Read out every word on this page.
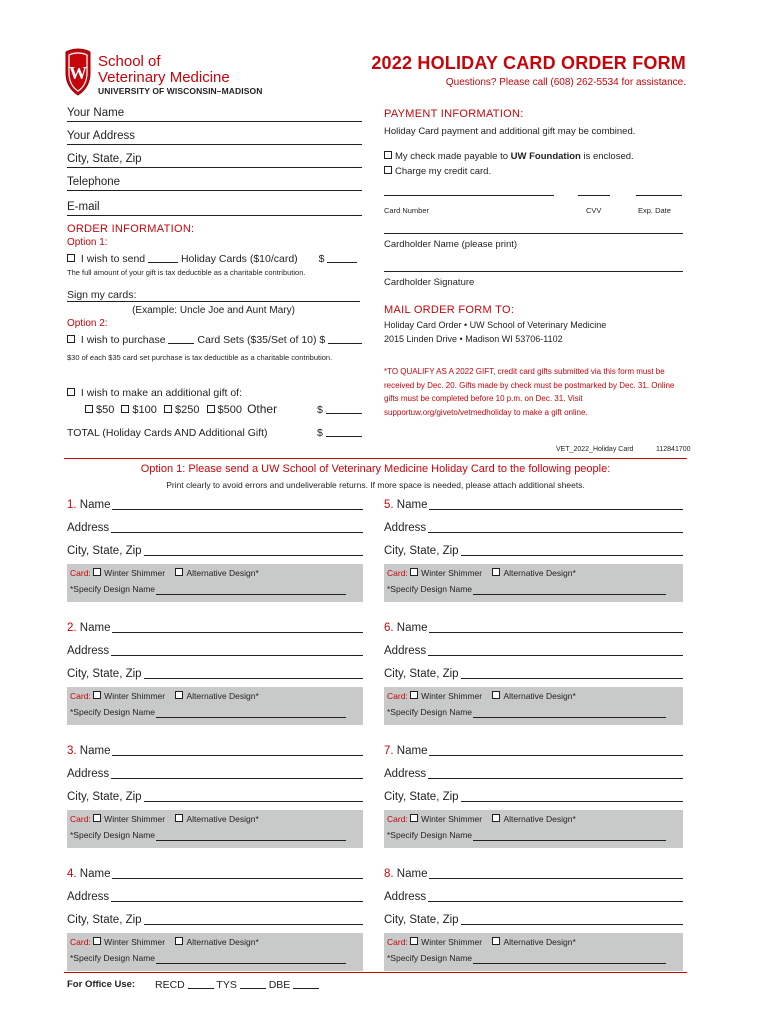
W
School of
Veterinary Medicine
UNIVERSITY OF WISCONSIN–MADISON
2022 HOLIDAY CARD ORDER FORM
Questions? Please call (608) 262-5534 for assistance.
Your Name
Your Address
City, State, Zip
Telephone
E-mail
ORDER INFORMATION:
Option 1:
I wish to send	Holiday Cards ($10/card) $
The full amount of your gift is tax deductible as a charitable contribution.
Sign my cards:
(Example: Uncle Joe and Aunt Mary)
Option 2:
I wish to purchase	Card Sets ($35/Set of 10) $
$30 of each $35 card set purchase is tax deductible as a charitable contribution.
I wish to make an additional gift of:
$50 $100 $250 $500 Other	$
TOTAL (Holiday Cards AND Additional Gift)	$
PAYMENT INFORMATION:
Holiday Card payment and additional gift may be combined.
My check made payable to UW Foundation is enclosed.
Charge my credit card.
Card Number	CVV	Exp. Date
Cardholder Name (please print)
Cardholder Signature
MAIL ORDER FORM TO:
Holiday Card Order • UW School of Veterinary Medicine
2015 Linden Drive • Madison WI 53706-1102
*TO QUALIFY AS A 2022 GIFT, credit card gifts submitted via this form must be received by Dec. 20. Gifts made by check must be postmarked by Dec. 31. Online gifts must be completed before 10 p.m. on Dec. 31. Visit supportuw.org/giveto/vetmedholiday to make a gift online.
VET_2022_Holiday Card	112841700
Option 1: Please send a UW School of Veterinary Medicine Holiday Card to the following people:
Print clearly to avoid errors and undeliverable returns. If more space is needed, please attach additional sheets.
1. Name
Address
City, State, Zip
Card: Winter Shimmer	Alternative Design*
*Specify Design Name
2. Name
Address
City, State, Zip
Card: Winter Shimmer	Alternative Design*
*Specify Design Name
3. Name
Address
City, State, Zip
Card: Winter Shimmer	Alternative Design*
*Specify Design Name
4. Name
Address
City, State, Zip
Card: Winter Shimmer	Alternative Design*
*Specify Design Name
5. Name
Address
City, State, Zip
Card: Winter Shimmer	Alternative Design*
*Specify Design Name
6. Name
Address
City, State, Zip
Card: Winter Shimmer	Alternative Design*
*Specify Design Name
7. Name
Address
City, State, Zip
Card: Winter Shimmer	Alternative Design*
*Specify Design Name
8. Name
Address
City, State, Zip
Card: Winter Shimmer	Alternative Design*
*Specify Design Name
For Office Use: RECD	TYS	DBE
